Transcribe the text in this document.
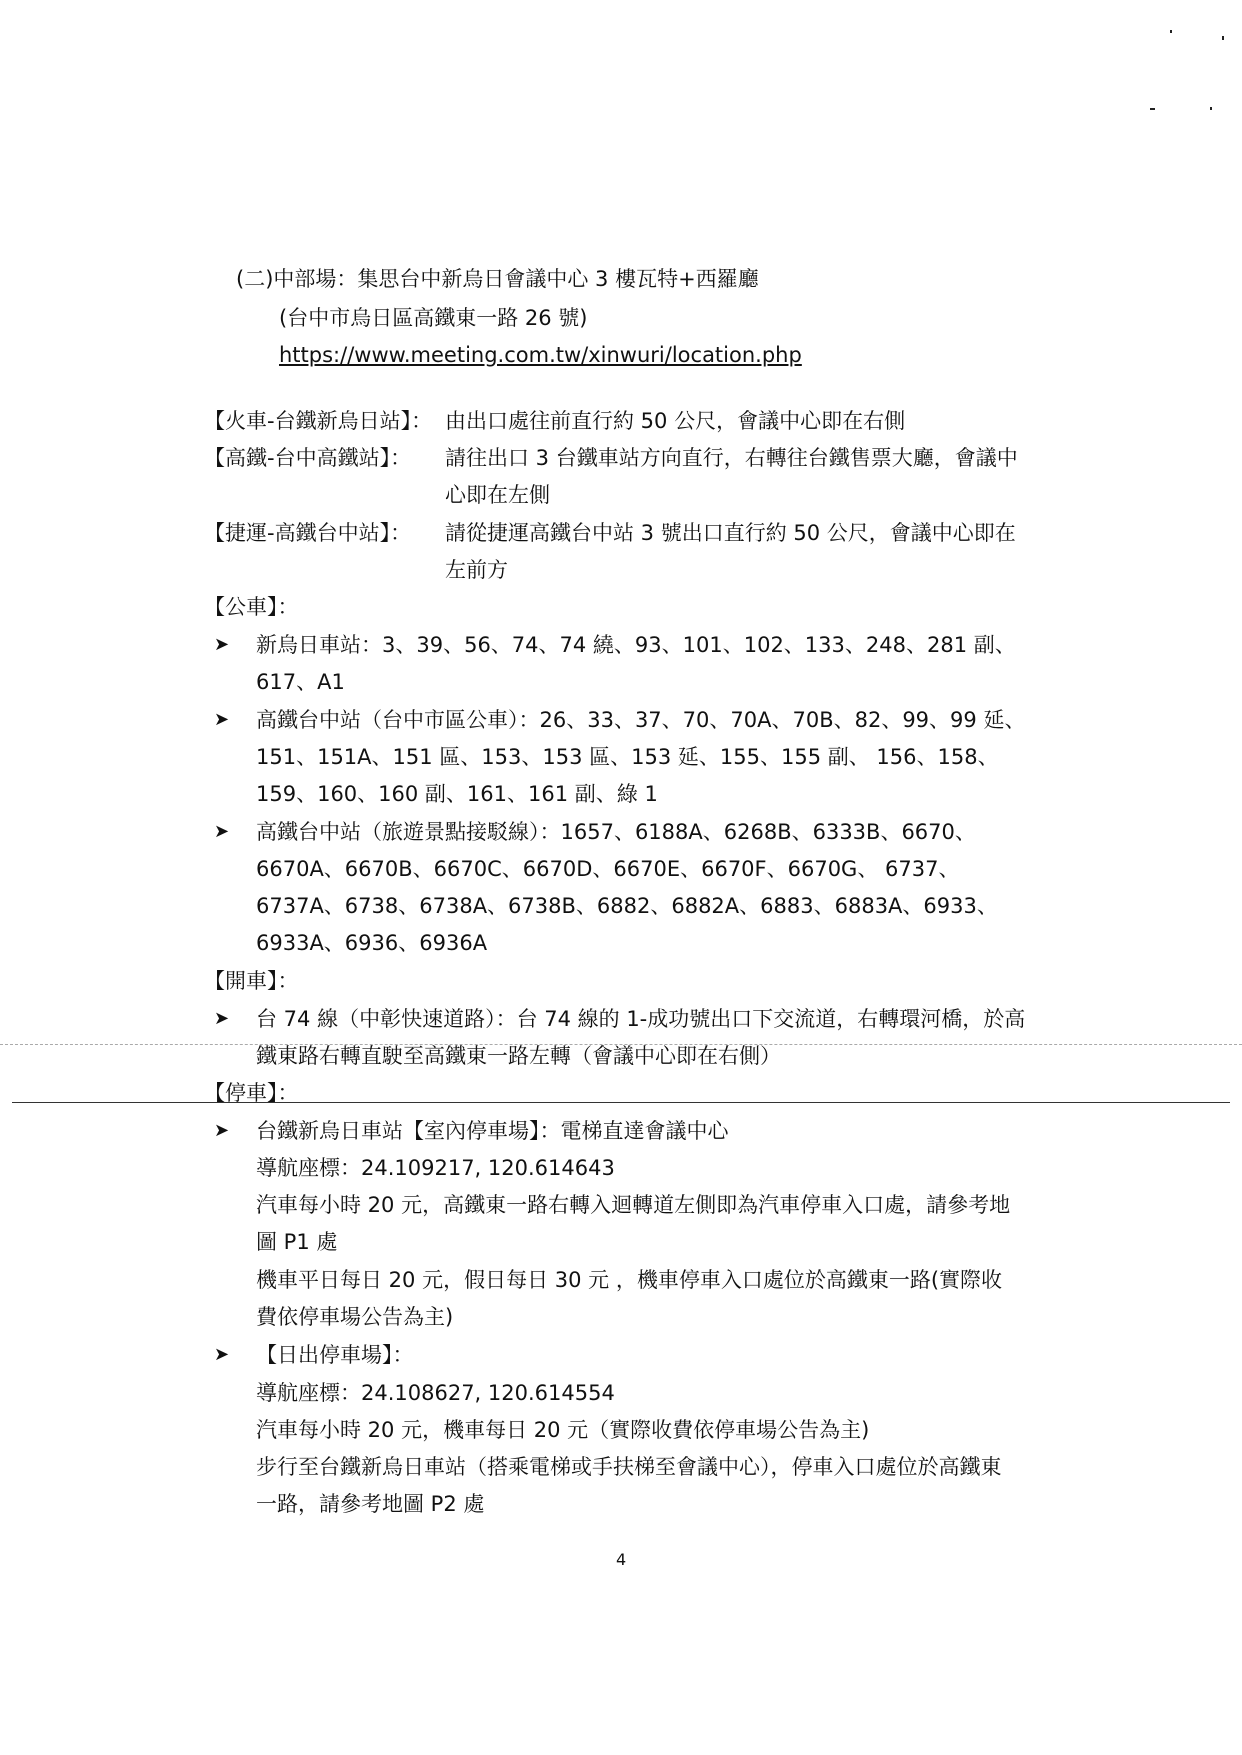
(二)中部場：集思台中新烏日會議中心 3 樓瓦特+西羅廳
(台中市烏日區高鐵東一路 26 號)
https://www.meeting.com.tw/xinwuri/location.php
【火車-台鐵新烏日站】： 由出口處往前直行約 50 公尺，會議中心即在右側
【高鐵-台中高鐵站】： 請往出口 3 台鐵車站方向直行，右轉往台鐵售票大廳，會議中
心即在左側
【捷運-高鐵台中站】： 請從捷運高鐵台中站 3 號出口直行約 50 公尺，會議中心即在
左前方
【公車】：
➤ 新烏日車站：3、39、56、74、74 繞、93、101、102、133、248、281 副、
617、A1
➤ 高鐵台中站（台中市區公車）：26、33、37、70、70A、70B、82、99、99 延、
151、151A、151 區、153、153 區、153 延、155、155 副、 156、158、
159、160、160 副、161、161 副、綠 1
➤ 高鐵台中站（旅遊景點接駁線）：1657、6188A、6268B、6333B、6670、
6670A、6670B、6670C、6670D、6670E、6670F、6670G、 6737、
6737A、6738、6738A、6738B、6882、6882A、6883、6883A、6933、
6933A、6936、6936A
【開車】：
➤ 台 74 線（中彰快速道路）：台 74 線的 1-成功號出口下交流道，右轉環河橋，於高
鐵東路右轉直駛至高鐵東一路左轉（會議中心即在右側）
【停車】：
➤ 台鐵新烏日車站【室內停車場】：電梯直達會議中心
導航座標：24.109217, 120.614643
汽車每小時 20 元，高鐵東一路右轉入迴轉道左側即為汽車停車入口處，請參考地
圖 P1 處
機車平日每日 20 元，假日每日 30 元 ，機車停車入口處位於高鐵東一路(實際收
費依停車場公告為主)
➤ 【日出停車場】：
導航座標：24.108627, 120.614554
汽車每小時 20 元，機車每日 20 元（實際收費依停車場公告為主)
步行至台鐵新烏日車站（搭乘電梯或手扶梯至會議中心），停車入口處位於高鐵東
一路，請參考地圖 P2 處
4
